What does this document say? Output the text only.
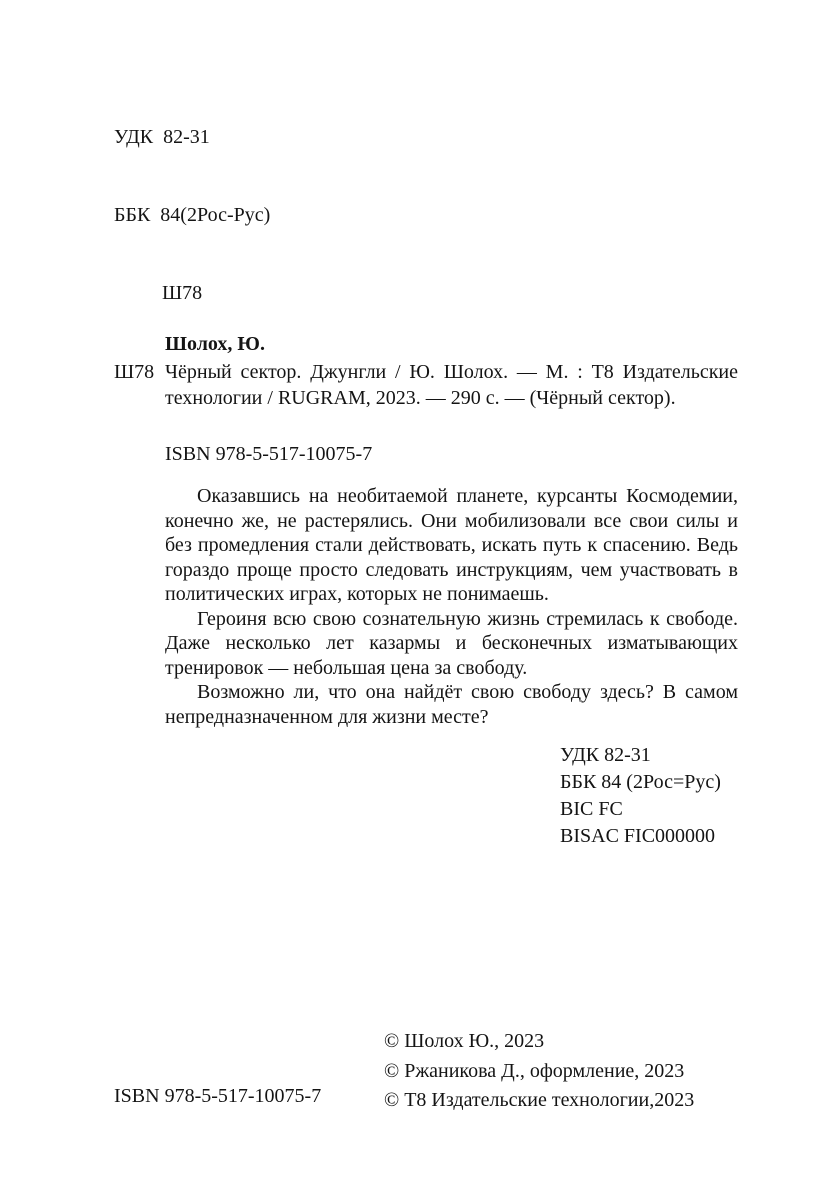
УДК  82-31

ББК  84(2Рос-Рус)

Ш78

Шолох, Ю.
Ш78 Чёрный сектор. Джунгли / Ю. Шолох. — М. : Т8 Издательские технологии / RUGRAM, 2023. — 290 с. — (Чёрный сектор).
ISBN 978-5-517-10075-7

Оказавшись на необитаемой планете, курсанты Космодемии, конечно же, не растерялись. Они мобилизовали все свои силы и без промедления стали действовать, искать путь к спасению. Ведь гораздо проще просто следовать инструкциям, чем участвовать в политических играх, которых не понимаешь.

Героиня всю свою сознательную жизнь стремилась к свободе. Даже несколько лет казармы и бесконечных изматывающих тренировок — небольшая цена за свободу.

Возможно ли, что она найдёт свою свободу здесь? В самом непредназначенном для жизни месте?

УДК 82-31
ББК 84 (2Рос=Рус)
BIC FC
BISAC FIC000000
ISBN 978-5-517-10075-7
© Шолох Ю., 2023
© Ржаникова Д., оформление, 2023
© Т8 Издательские технологии,2023
